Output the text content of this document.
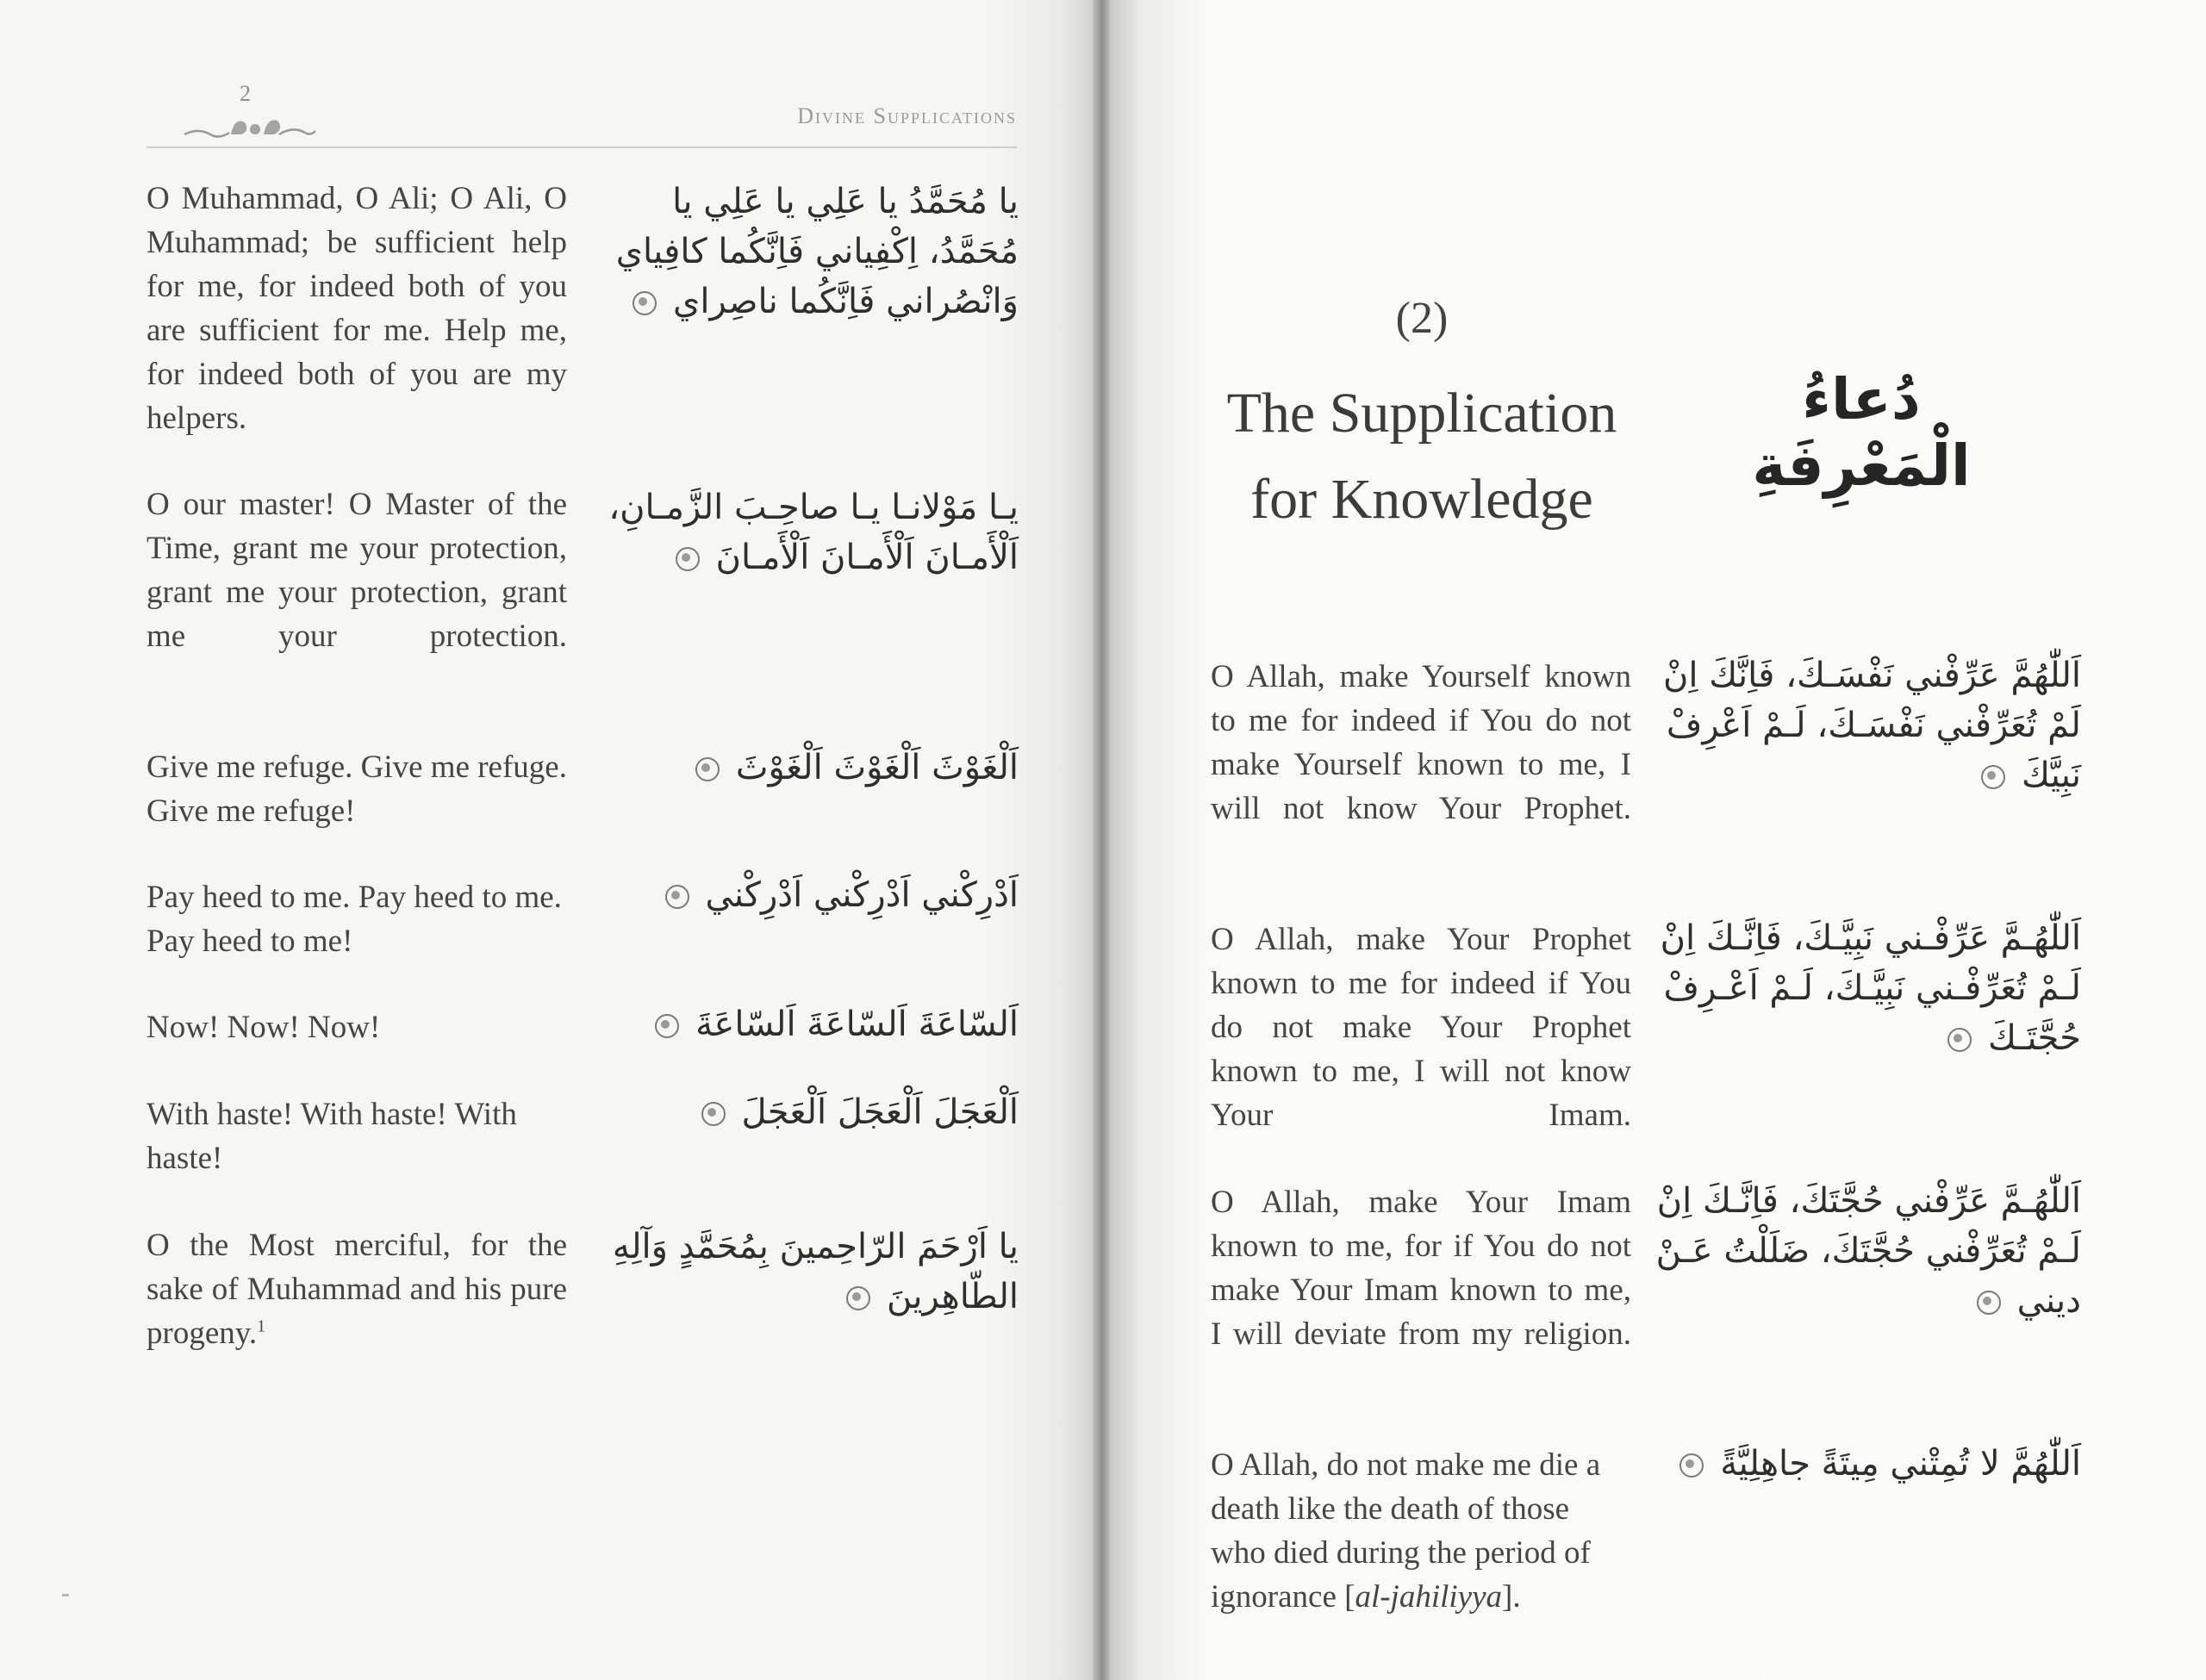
2
Divine Supplications
O Muhammad, O Ali; O Ali, O Muhammad; be sufficient help for me, for indeed both of you are sufficient for me. Help me, for indeed both of you are my helpers.
يا مُحَمَّدُ يا عَلِي يا عَلِي يا مُحَمَّدُ، اِكْفِياني فَاِنَّكُما كافِياي وَانْصُراني فَاِنَّكُما ناصِراي
O our master! O Master of the Time, grant me your protection, grant me your protection, grant me your protection.
يـا مَوْلانـا يـا صاحِـبَ الزَّمـانِ، اَلْأَمـانَ اَلْأَمـانَ اَلْأَمـانَ
Give me refuge. Give me refuge. Give me refuge!
اَلْغَوْثَ اَلْغَوْثَ اَلْغَوْثَ
Pay heed to me. Pay heed to me. Pay heed to me!
اَدْرِكْني اَدْرِكْني اَدْرِكْني
Now! Now! Now!	اَلسّاعَةَ اَلسّاعَةَ اَلسّاعَةَ
With haste! With haste! With haste!
اَلْعَجَلَ اَلْعَجَلَ اَلْعَجَلَ
O the Most merciful, for the sake of Muhammad and his pure progeny.$^1$
يا اَرْحَمَ الرّاحِمينَ بِمُحَمَّدٍ وَآلِهِ الطّاهِرينَ
(2)
The Supplication
for Knowledge
دُعاءُ الْمَعْرِفَةِ
O Allah, make Yourself known to me for indeed if You do not make Yourself known to me, I will not know Your Prophet.
اَللّٰهُمَّ عَرِّفْني نَفْسَـكَ، فَاِنَّكَ اِنْ لَمْ تُعَرِّفْني نَفْسَـكَ، لَـمْ اَعْرِفْ نَبِيَّكَ
O Allah, make Your Prophet known to me for indeed if You do not make Your Prophet known to me, I will not know Your Imam.
اَللّٰهُـمَّ عَرِّفْـني نَبِيَّـكَ، فَاِنَّـكَ اِنْ لَـمْ تُعَرِّفْـني نَبِيَّـكَ، لَـمْ اَعْـرِفْ حُجَّتَـكَ
O Allah, make Your Imam known to me, for if You do not make Your Imam known to me, I will deviate from my religion.
اَللّٰهُـمَّ عَرِّفْني حُجَّتَكَ، فَاِنَّـكَ اِنْ لَـمْ تُعَرِّفْني حُجَّتَكَ، ضَلَلْتُ عَـنْ ديني
O Allah, do not make me die a death like the death of those who died during the period of ignorance [al-jahiliyya].
اَللّٰهُمَّ لا تُمِتْني مِيتَةً جاهِلِيَّةً
